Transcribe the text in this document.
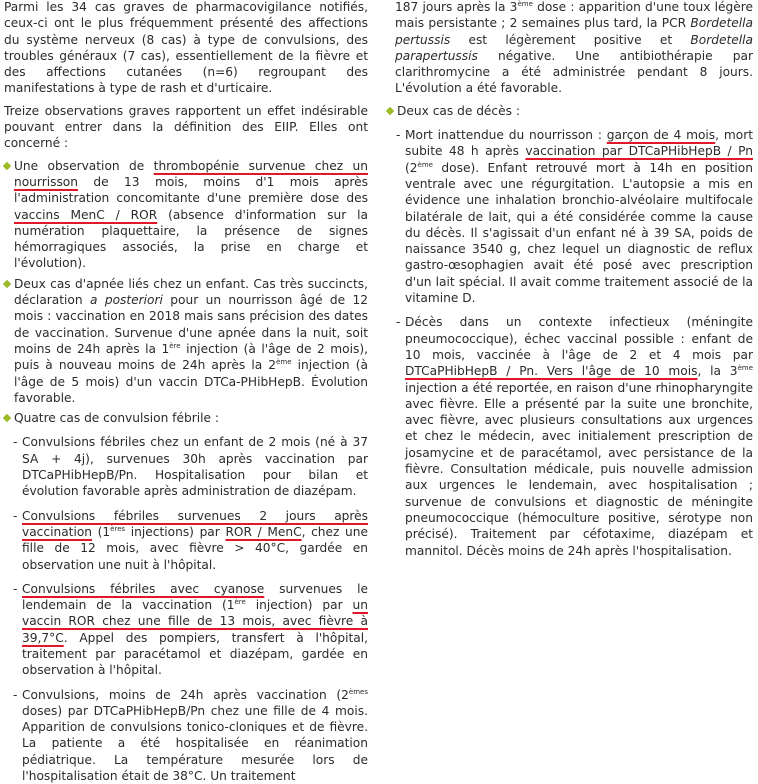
Parmi les 34 cas graves de pharmacovigilance notifiés, ceux-ci ont le plus fréquemment présenté des affections du système nerveux (8 cas) à type de convulsions, des troubles généraux (7 cas), essentiellement de la fièvre et des affections cutanées (n=6) regroupant des manifestations à type de rash et d'urticaire.

Treize observations graves rapportent un effet indésirable pouvant entrer dans la définition des EIIP. Elles ont concerné :

Une observation de thrombopénie survenue chez un nourrisson de 13 mois, moins d'1 mois après l'administration concomitante d'une première dose des vaccins MenC / ROR (absence d'information sur la numération plaquettaire, la présence de signes hémorragiques associés, la prise en charge et l'évolution).

Deux cas d'apnée liés chez un enfant. Cas très succincts, déclaration a posteriori pour un nourrisson âgé de 12 mois : vaccination en 2018 mais sans précision des dates de vaccination. Survenue d'une apnée dans la nuit, soit moins de 24h après la 1ère injection (à l'âge de 2 mois), puis à nouveau moins de 24h après la 2ème injection (à l'âge de 5 mois) d'un vaccin DTCa-PHibHepB. Évolution favorable.

Quatre cas de convulsion fébrile :

- Convulsions fébriles chez un enfant de 2 mois (né à 37 SA + 4j), survenues 30h après vaccination par DTCaPHibHepB/Pn. Hospitalisation pour bilan et évolution favorable après administration de diazépam.

- Convulsions fébriles survenues 2 jours après vaccination (1ères injections) par ROR / MenC, chez une fille de 12 mois, avec fièvre > 40°C, gardée en observation une nuit à l'hôpital.

- Convulsions fébriles avec cyanose survenues le lendemain de la vaccination (1ère injection) par un vaccin ROR chez une fille de 13 mois, avec fièvre à 39,7°C. Appel des pompiers, transfert à l'hôpital, traitement par paracétamol et diazépam, gardée en observation à l'hôpital.

- Convulsions, moins de 24h après vaccination (2èmes doses) par DTCaPHibHepB/Pn chez une fille de 4 mois. Apparition de convulsions tonico-cloniques et de fièvre. La patiente a été hospitalisée en réanimation pédiatrique. La température mesurée lors de l'hospitalisation était de 38°C. Un traitement

187 jours après la 3ème dose : apparition d'une toux légère mais persistante ; 2 semaines plus tard, la PCR Bordetella pertussis est légèrement positive et Bordetella parapertussis négative. Une antibiothérapie par clarithromycine a été administrée pendant 8 jours. L'évolution a été favorable.

Deux cas de décès :

- Mort inattendue du nourrisson : garçon de 4 mois, mort subite 48 h après vaccination par DTCaPHibHepB / Pn (2ème dose). Enfant retrouvé mort à 14h en position ventrale avec une régurgitation. L'autopsie a mis en évidence une inhalation bronchio-alvéolaire multifocale bilatérale de lait, qui a été considérée comme la cause du décès. Il s'agissait d'un enfant né à 39 SA, poids de naissance 3540 g, chez lequel un diagnostic de reflux gastro-œsophagien avait été posé avec prescription d'un lait spécial. Il avait comme traitement associé de la vitamine D.

- Décès dans un contexte infectieux (méningite pneumococcique), échec vaccinal possible : enfant de 10 mois, vaccinée à l'âge de 2 et 4 mois par DTCaPHibHepB / Pn. Vers l'âge de 10 mois, la 3ème injection a été reportée, en raison d'une rhinopharyngite avec fièvre. Elle a présenté par la suite une bronchite, avec fièvre, avec plusieurs consultations aux urgences et chez le médecin, avec initialement prescription de josamycine et de paracétamol, avec persistance de la fièvre. Consultation médicale, puis nouvelle admission aux urgences le lendemain, avec hospitalisation ; survenue de convulsions et diagnostic de méningite pneumococcique (hémoculture positive, sérotype non précisé). Traitement par céfotaxime, diazépam et mannitol. Décès moins de 24h après l'hospitalisation.
